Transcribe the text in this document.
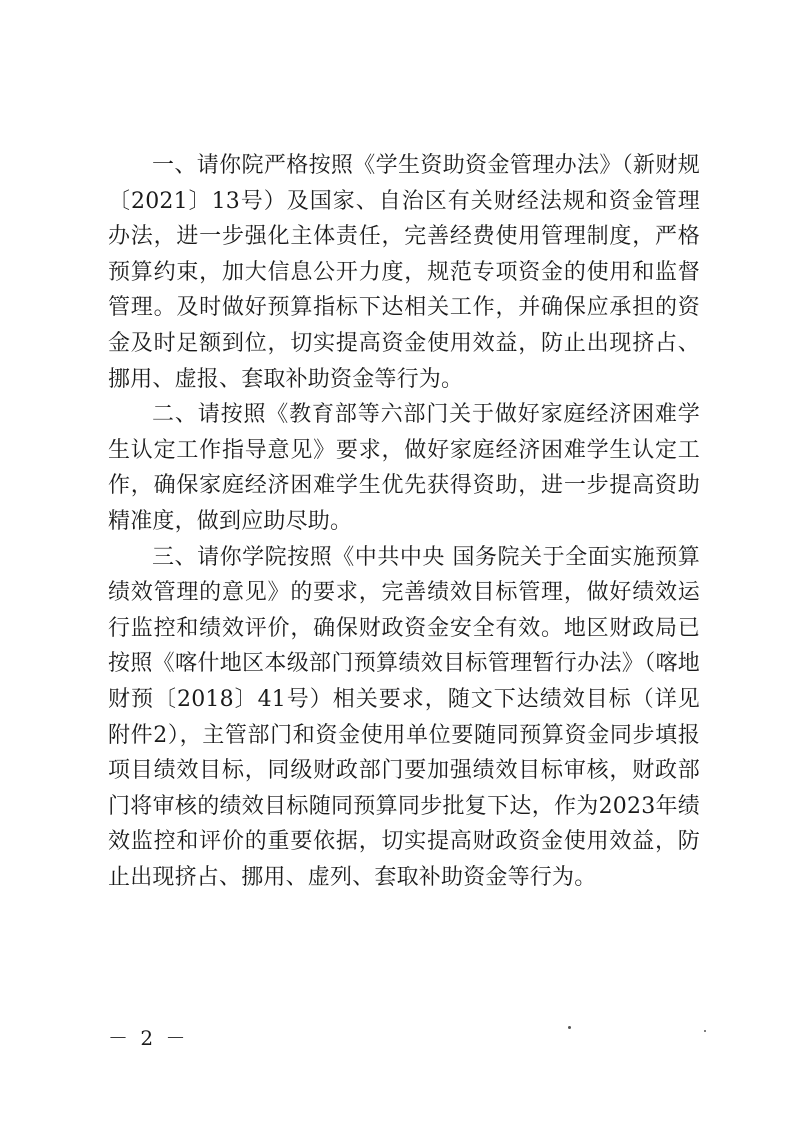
一、请你院严格按照《学生资助资金管理办法》（新财规〔2021〕13号）及国家、自治区有关财经法规和资金管理办法，进一步强化主体责任，完善经费使用管理制度，严格预算约束，加大信息公开力度，规范专项资金的使用和监督管理。及时做好预算指标下达相关工作，并确保应承担的资金及时足额到位，切实提高资金使用效益，防止出现挤占、挪用、虚报、套取补助资金等行为。

二、请按照《教育部等六部门关于做好家庭经济困难学生认定工作指导意见》要求，做好家庭经济困难学生认定工作，确保家庭经济困难学生优先获得资助，进一步提高资助精准度，做到应助尽助。

三、请你学院按照《中共中央 国务院关于全面实施预算绩效管理的意见》的要求，完善绩效目标管理，做好绩效运行监控和绩效评价，确保财政资金安全有效。地区财政局已按照《喀什地区本级部门预算绩效目标管理暂行办法》（喀地财预〔2018〕41号）相关要求，随文下达绩效目标（详见附件2），主管部门和资金使用单位要随同预算资金同步填报项目绩效目标，同级财政部门要加强绩效目标审核，财政部门将审核的绩效目标随同预算同步批复下达，作为2023年绩效监控和评价的重要依据，切实提高财政资金使用效益，防止出现挤占、挪用、虚列、套取补助资金等行为。

－ 2 －
